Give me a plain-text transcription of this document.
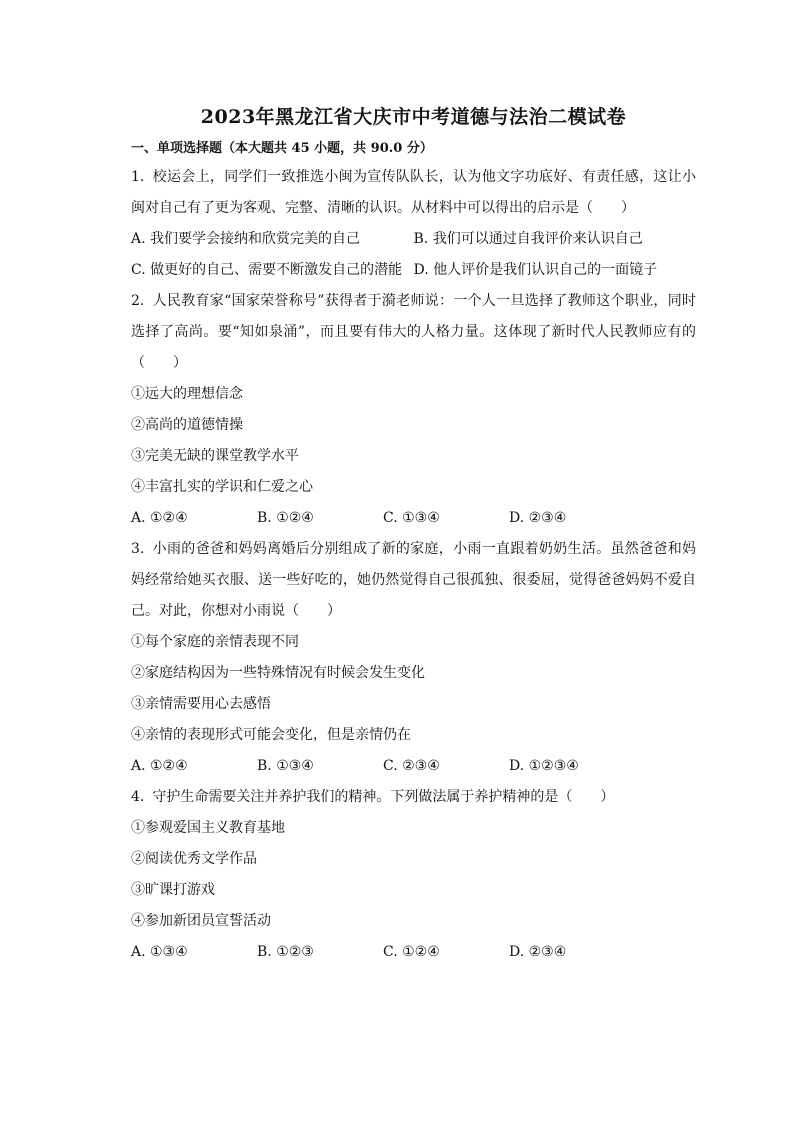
2023年黑龙江省大庆市中考道德与法治二模试卷
一、单项选择题（本大题共 45 小题，共 90.0 分）

1. 校运会上，同学们一致推选小闽为宣传队队长，认为他文字功底好、有责任感，这让小闽对自己有了更为客观、完整、清晰的认识。从材料中可以得出的启示是（　　）

A. 我们要学会接纳和欣赏完美的自己	B. 我们可以通过自我评价来认识自己
C. 做更好的自己、需要不断激发自己的潜能 D. 他人评价是我们认识自己的一面镜子

2. 人民教育家“国家荣誉称号”获得者于漪老师说：一个人一旦选择了教师这个职业，同时选择了高尚。要“知如泉涌”，而且要有伟大的人格力量。这体现了新时代人民教师应有的（　　）

①远大的理想信念

②高尚的道德情操

③完美无缺的课堂教学水平

④丰富扎实的学识和仁爱之心

A. ①②④	B. ①②④	C. ①③④	D. ②③④

3. 小雨的爸爸和妈妈离婚后分别组成了新的家庭，小雨一直跟着奶奶生活。虽然爸爸和妈妈经常给她买衣服、送一些好吃的，她仍然觉得自己很孤独、很委屈，觉得爸爸妈妈不爱自己。对此，你想对小雨说（　　）

①每个家庭的亲情表现不同

②家庭结构因为一些特殊情况有时候会发生变化

③亲情需要用心去感悟

④亲情的表现形式可能会变化，但是亲情仍在

A. ①②④	B. ①③④	C. ②③④	D. ①②③④

4. 守护生命需要关注并养护我们的精神。下列做法属于养护精神的是（　　）

①参观爱国主义教育基地

②阅读优秀文学作品

③旷课打游戏

④参加新团员宣誓活动

A. ①③④	B. ①②③	C. ①②④	D. ②③④
